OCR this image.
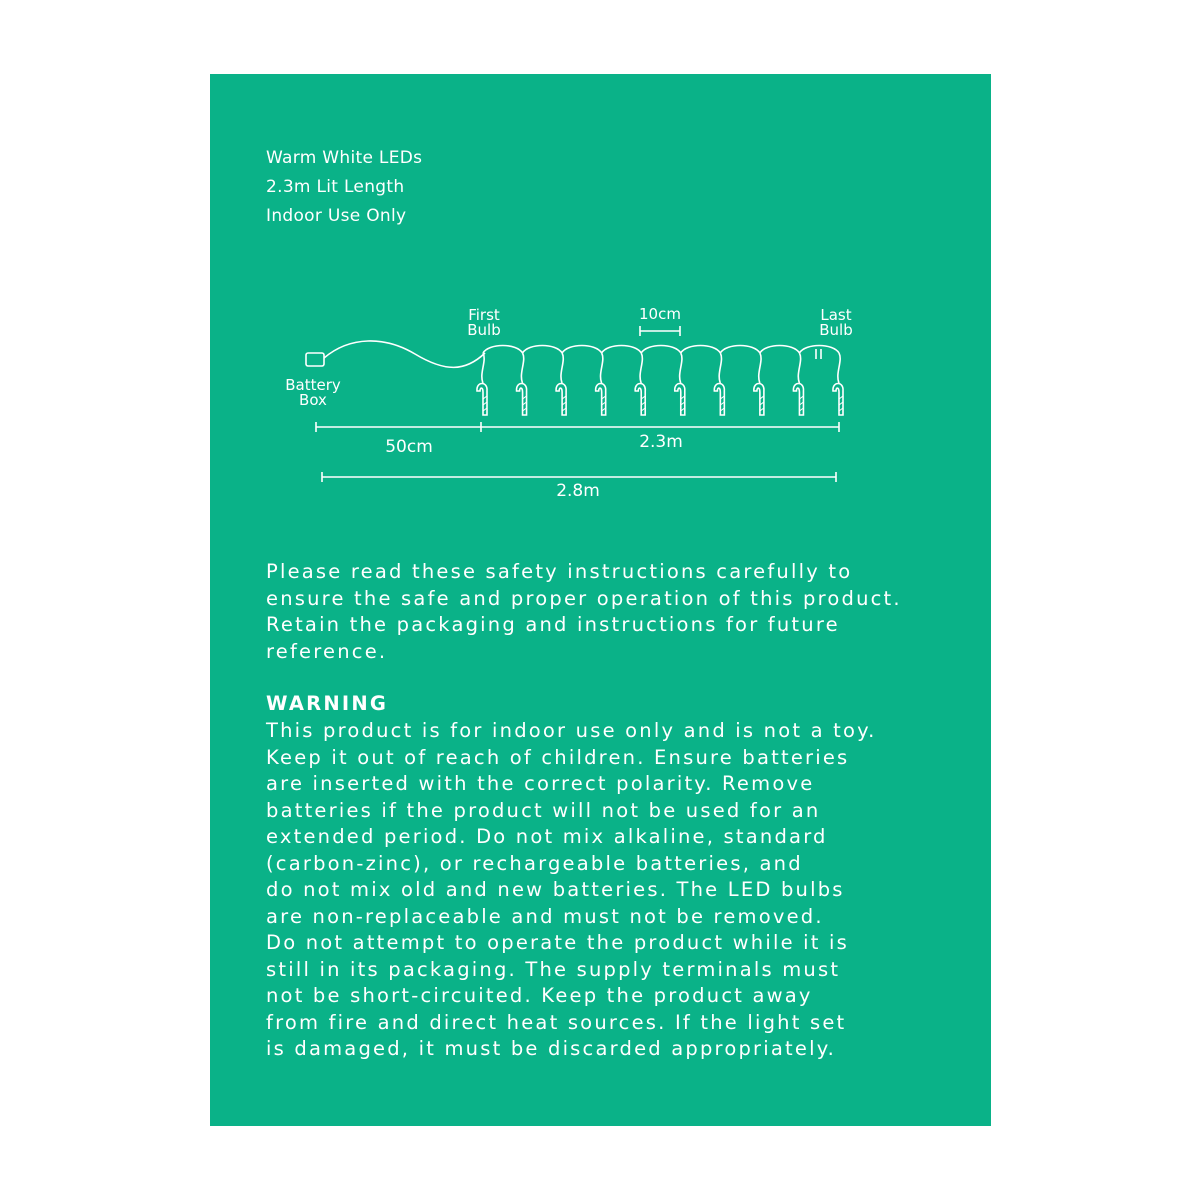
Warm White LEDs
2.3m Lit Length
Indoor Use Only
Battery
Box
First
Bulb
10cm	Last
Bulb
50cm	2.3m
2.8m

Please read these safety instructions carefully to
ensure the safe and proper operation of this product.
Retain the packaging and instructions for future
reference.

WARNING

This product is for indoor use only and is not a toy.
Keep it out of reach of children. Ensure batteries
are inserted with the correct polarity. Remove
batteries if the product will not be used for an
extended period. Do not mix alkaline, standard
(carbon-zinc), or rechargeable batteries, and
do not mix old and new batteries. The LED bulbs
are non-replaceable and must not be removed.
Do not attempt to operate the product while it is
still in its packaging. The supply terminals must
not be short-circuited. Keep the product away
from fire and direct heat sources. If the light set
is damaged, it must be discarded appropriately.
